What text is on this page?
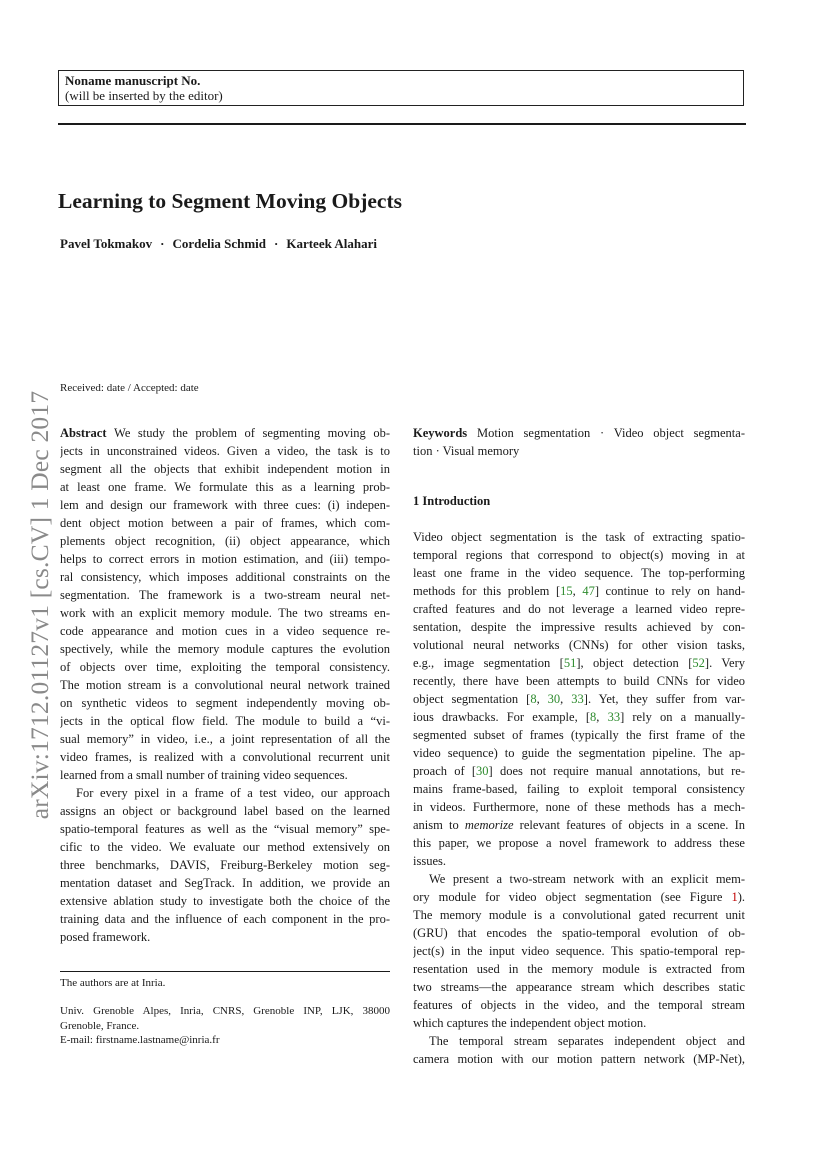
Noname manuscript No.
(will be inserted by the editor)
Learning to Segment Moving Objects
Pavel Tokmakov · Cordelia Schmid · Karteek Alahari
arXiv:1712.01127v1 [cs.CV] 1 Dec 2017
Received: date / Accepted: date
Abstract We study the problem of segmenting moving ob-
jects in unconstrained videos. Given a video, the task is to
segment all the objects that exhibit independent motion in
at least one frame. We formulate this as a learning prob-
lem and design our framework with three cues: (i) indepen-
dent object motion between a pair of frames, which com-
plements object recognition, (ii) object appearance, which
helps to correct errors in motion estimation, and (iii) tempo-
ral consistency, which imposes additional constraints on the
segmentation. The framework is a two-stream neural net-
work with an explicit memory module. The two streams en-
code appearance and motion cues in a video sequence re-
spectively, while the memory module captures the evolution
of objects over time, exploiting the temporal consistency.
The motion stream is a convolutional neural network trained
on synthetic videos to segment independently moving ob-
jects in the optical flow field. The module to build a “vi-
sual memory” in video, i.e., a joint representation of all the
video frames, is realized with a convolutional recurrent unit
learned from a small number of training video sequences.
For every pixel in a frame of a test video, our approach
assigns an object or background label based on the learned
spatio-temporal features as well as the “visual memory” spe-
cific to the video. We evaluate our method extensively on
three benchmarks, DAVIS, Freiburg-Berkeley motion seg-
mentation dataset and SegTrack. In addition, we provide an
extensive ablation study to investigate both the choice of the
training data and the influence of each component in the pro-
posed framework.
The authors are at Inria.
Univ. Grenoble Alpes, Inria, CNRS, Grenoble INP, LJK, 38000
Grenoble, France.
E-mail: firstname.lastname@inria.fr
Keywords Motion segmentation · Video object segmenta-
tion · Visual memory
1 Introduction
Video object segmentation is the task of extracting spatio-
temporal regions that correspond to object(s) moving in at
least one frame in the video sequence. The top-performing
methods for this problem [15, 47] continue to rely on hand-
crafted features and do not leverage a learned video repre-
sentation, despite the impressive results achieved by con-
volutional neural networks (CNNs) for other vision tasks,
e.g., image segmentation [51], object detection [52]. Very
recently, there have been attempts to build CNNs for video
object segmentation [8, 30, 33]. Yet, they suffer from var-
ious drawbacks. For example, [8, 33] rely on a manually-
segmented subset of frames (typically the first frame of the
video sequence) to guide the segmentation pipeline. The ap-
proach of [30] does not require manual annotations, but re-
mains frame-based, failing to exploit temporal consistency
in videos. Furthermore, none of these methods has a mech-
anism to memorize relevant features of objects in a scene. In
this paper, we propose a novel framework to address these
issues.
We present a two-stream network with an explicit mem-
ory module for video object segmentation (see Figure 1).
The memory module is a convolutional gated recurrent unit
(GRU) that encodes the spatio-temporal evolution of ob-
ject(s) in the input video sequence. This spatio-temporal rep-
resentation used in the memory module is extracted from
two streams—the appearance stream which describes static
features of objects in the video, and the temporal stream
which captures the independent object motion.
The temporal stream separates independent object and
camera motion with our motion pattern network (MP-Net),
